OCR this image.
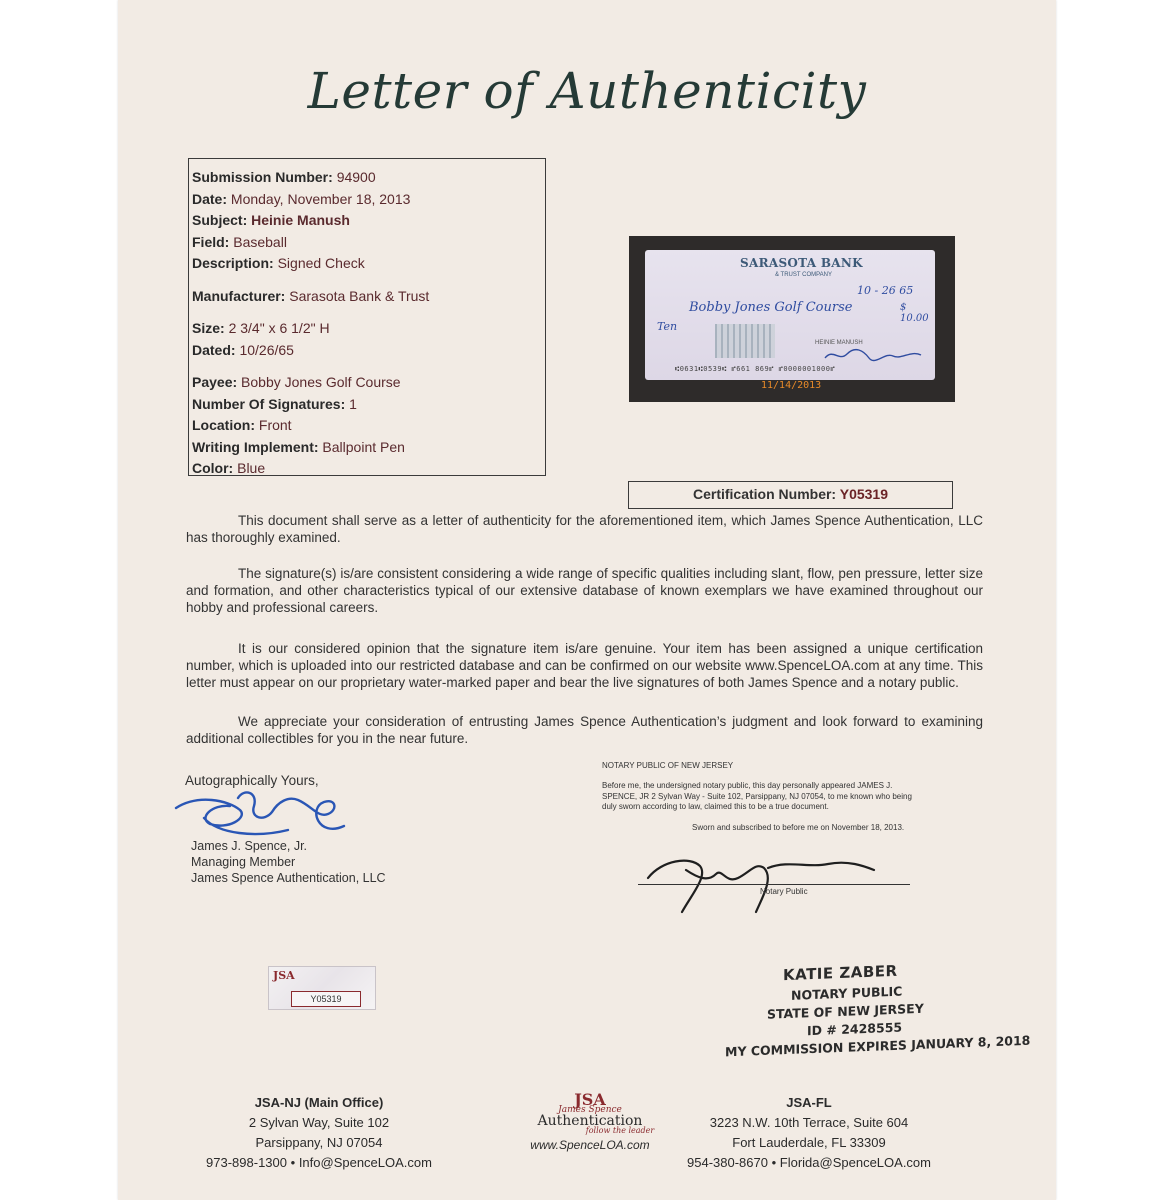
Letter of Authenticity
Submission Number: 94900
Date: Monday, November 18, 2013
Subject: Heinie Manush
Field: Baseball
Description: Signed Check
Manufacturer: Sarasota Bank & Trust
Size: 2 3/4" x 6 1/2" H
Dated: 10/26/65
Payee: Bobby Jones Golf Course
Number Of Signatures: 1
Location: Front
Writing Implement: Ballpoint Pen
Color: Blue
SARASOTA BANK
& TRUST COMPANY
10 - 26 65
Bobby Jones Golf Course	$ 10.00
Ten
HEINIE MANUSH
⑆0631⑆0539⑆ ⑈661 869⑈ ⑈0000001000⑈
11/14/2013
Certification Number: Y05319
This document shall serve as a letter of authenticity for the aforementioned item, which James Spence Authentication, LLC has thoroughly examined.
The signature(s) is/are consistent considering a wide range of specific qualities including slant, flow, pen pressure, letter size and formation, and other characteristics typical of our extensive database of known exemplars we have examined throughout our hobby and professional careers.
It is our considered opinion that the signature item is/are genuine. Your item has been assigned a unique certification number, which is uploaded into our restricted database and can be confirmed on our website www.SpenceLOA.com at any time. This letter must appear on our proprietary water-marked paper and bear the live signatures of both James Spence and a notary public.
We appreciate your consideration of entrusting James Spence Authentication’s judgment and look forward to examining additional collectibles for you in the near future.
Autographically Yours,
James J. Spence, Jr.
Managing Member
James Spence Authentication, LLC
NOTARY PUBLIC OF NEW JERSEY
Before me, the undersigned notary public, this day personally appeared JAMES J. SPENCE, JR 2 Sylvan Way - Suite 102, Parsippany, NJ 07054, to me known who being duly sworn according to law, claimed this to be a true document.
Sworn and subscribed to before me on November 18, 2013.
Notary Public
JSA
Y05319
KATIE ZABER
NOTARY PUBLIC
STATE OF NEW JERSEY
ID # 2428555
MY COMMISSION EXPIRES JANUARY 8, 2018
JSA-NJ (Main Office)
2 Sylvan Way, Suite 102
Parsippany, NJ 07054
973-898-1300 • Info@SpenceLOA.com
JSA
James Spence
Authentication
follow the leader
www.SpenceLOA.com
JSA-FL
3223 N.W. 10th Terrace, Suite 604
Fort Lauderdale, FL 33309
954-380-8670 • Florida@SpenceLOA.com
